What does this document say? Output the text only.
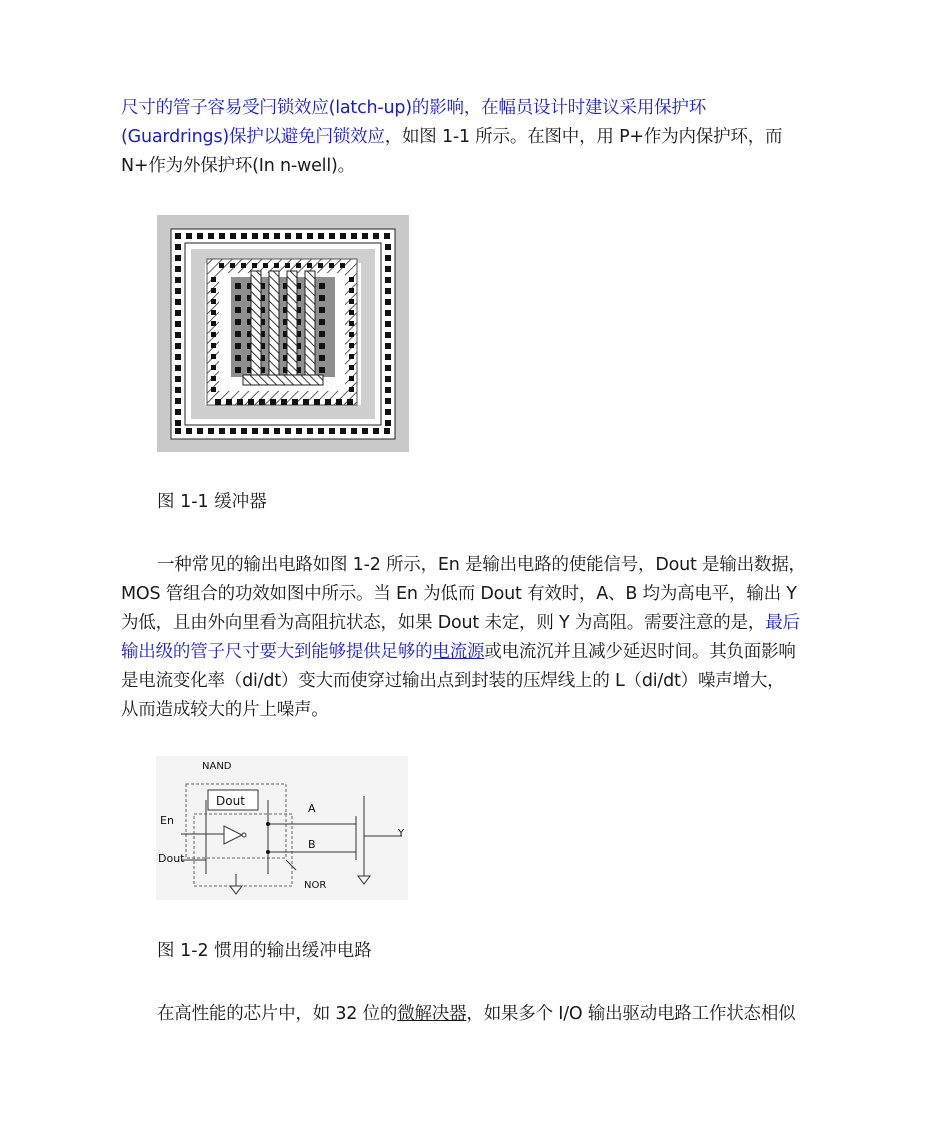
尺寸的管子容易受闩锁效应(latch-up)的影响，在幅员设计时建议采用保护环
(Guardrings)保护以避免闩锁效应，如图 1-1 所示。在图中，用 P+作为内保护环，而
N+作为外保护环(In n-well)。
图 1-1 缓冲器
一种常见的输出电路如图 1-2 所示，En 是输出电路的使能信号，Dout 是输出数据，
MOS 管组合的功效如图中所示。当 En 为低而 Dout 有效时，A、B 均为高电平，输出 Y
为低，且由外向里看为高阻抗状态，如果 Dout 未定，则 Y 为高阻。需要注意的是，最后
输出级的管子尺寸要大到能够提供足够的电流源或电流沉并且减少延迟时间。其负面影响
是电流变化率（di/dt）变大而使穿过输出点到封装的压焊线上的 L（di/dt）噪声增大，
从而造成较大的片上噪声。
Dout
NAND
En
Dout
A
B
Y
NOR
图 1-2 惯用的输出缓冲电路
在高性能的芯片中，如 32 位的微解决器，如果多个 I/O 输出驱动电路工作状态相似
